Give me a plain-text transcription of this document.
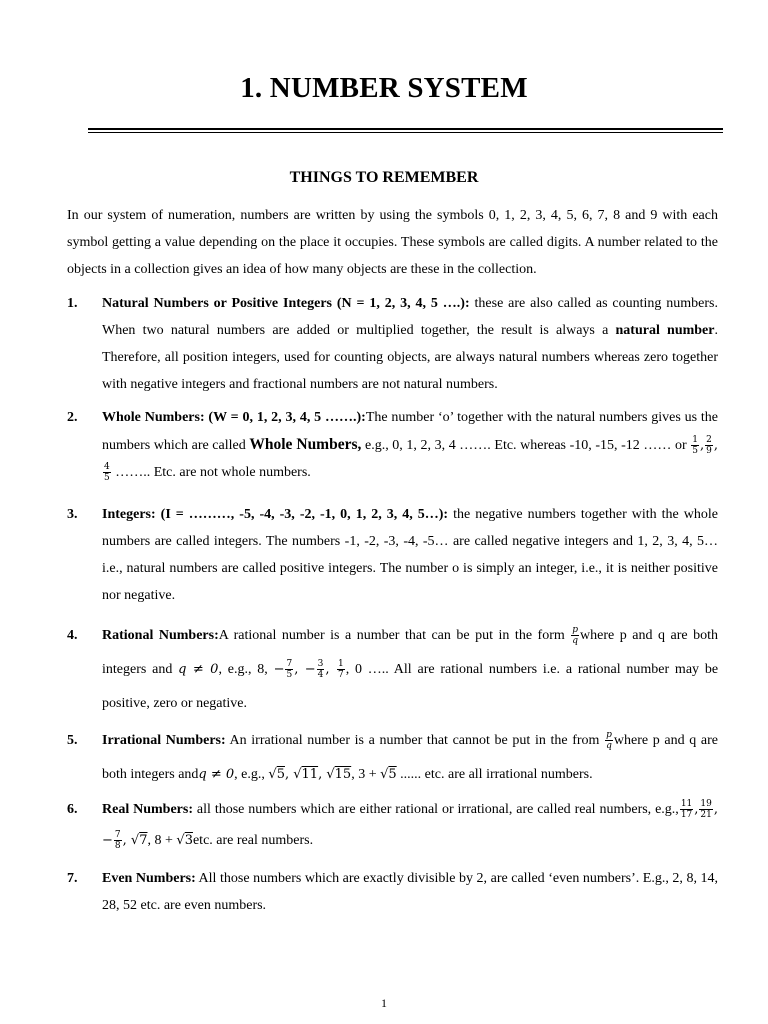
1. NUMBER SYSTEM
THINGS TO REMEMBER
In our system of numeration, numbers are written by using the symbols 0, 1, 2, 3, 4, 5, 6, 7, 8 and 9 with each symbol getting a value depending on the place it occupies. These symbols are called digits. A number related to the objects in a collection gives an idea of how many objects are these in the collection.
1. Natural Numbers or Positive Integers (N = 1, 2, 3, 4, 5 ….): these are also called as counting numbers. When two natural numbers are added or multiplied together, the result is always a natural number. Therefore, all position integers, used for counting objects, are always natural numbers whereas zero together with negative integers and fractional numbers are not natural numbers.
2. Whole Numbers: (W = 0, 1, 2, 3, 4, 5 …….):The number ‘o’ together with the natural numbers gives us the numbers which are called Whole Numbers, e.g., 0, 1, 2, 3, 4 ……. Etc. whereas -10, -15, -12 …… or $\frac{1}{5}$ , $\frac{2}{9}$ ,
$\frac{4}{5}$ …….. Etc. are not whole numbers.
3. Integers: (I = ………, -5, -4, -3, -2, -1, 0, 1, 2, 3, 4, 5…): the negative numbers together with the whole numbers are called integers. The numbers -1, -2, -3, -4, -5… are called negative integers and 1, 2, 3, 4, 5… i.e., natural numbers are called positive integers. The number o is simply an integer, i.e., it is neither positive nor negative.
4. Rational Numbers:A rational number is a number that can be put in the form $\frac{p}{q}$ where p and q are both integers and q ≠ 0, e.g., 8, − $\frac{7}{5}$ , − $\frac{3}{4}$ , $\frac{1}{7}$ , 0 ….. All are rational numbers i.e. a rational number may be positive, zero or negative.
5. Irrational Numbers: An irrational number is a number that cannot be put in the from $\frac{p}{q}$ where p and q are both integers andq ≠ 0, e.g., √5, √11, √15, 3 + √5 ...... etc. are all irrational numbers.
6. Real Numbers: all those numbers which are either rational or irrational, are called real numbers, e.g., $\frac{11}{17}$ , $\frac{19}{21}$ , − $\frac{7}{8}$ , √7, 8 + √3etc. are real numbers.
7. Even Numbers: All those numbers which are exactly divisible by 2, are called ‘even numbers’. E.g., 2, 8, 14, 28, 52 etc. are even numbers.
1
